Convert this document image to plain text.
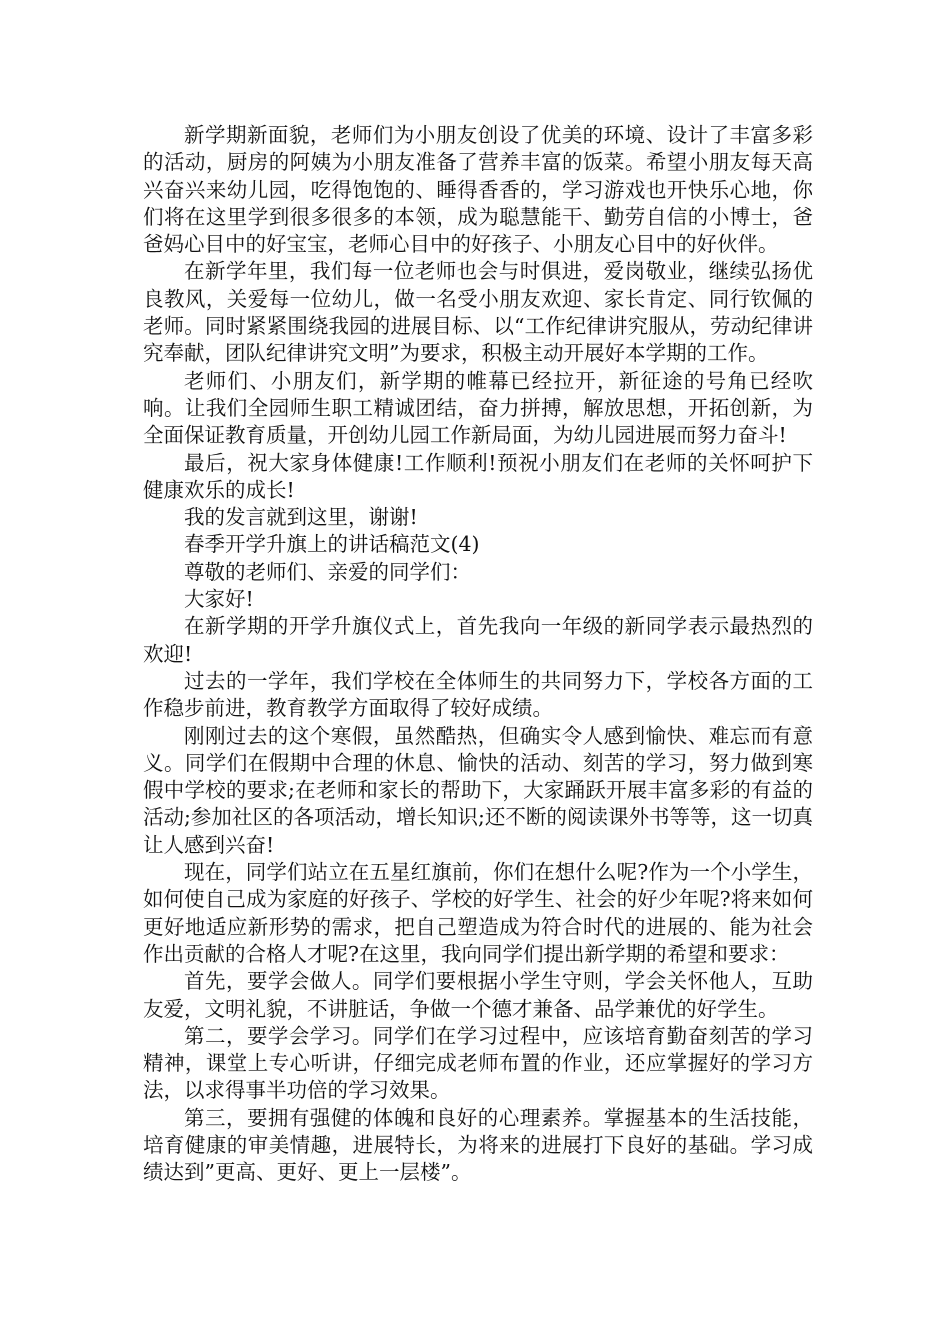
新学期新面貌，老师们为小朋友创设了优美的环境、设计了丰富多彩的活动，厨房的阿姨为小朋友准备了营养丰富的饭菜。希望小朋友每天高兴奋兴来幼儿园，吃得饱饱的、睡得香香的，学习游戏也开快乐心地，你们将在这里学到很多很多的本领，成为聪慧能干、勤劳自信的小博士，爸爸妈心目中的好宝宝，老师心目中的好孩子、小朋友心目中的好伙伴。

在新学年里，我们每一位老师也会与时俱进，爱岗敬业，继续弘扬优良教风，关爱每一位幼儿，做一名受小朋友欢迎、家长肯定、同行钦佩的老师。同时紧紧围绕我园的进展目标、以“工作纪律讲究服从，劳动纪律讲究奉献，团队纪律讲究文明”为要求，积极主动开展好本学期的工作。

老师们、小朋友们，新学期的帷幕已经拉开，新征途的号角已经吹响。让我们全园师生职工精诚团结，奋力拼搏，解放思想，开拓创新，为全面保证教育质量，开创幼儿园工作新局面，为幼儿园进展而努力奋斗!

最后，祝大家身体健康!工作顺利!预祝小朋友们在老师的关怀呵护下健康欢乐的成长!

我的发言就到这里，谢谢!

春季开学升旗上的讲话稿范文(4)

尊敬的老师们、亲爱的同学们：

大家好!

在新学期的开学升旗仪式上，首先我向一年级的新同学表示最热烈的欢迎!

过去的一学年，我们学校在全体师生的共同努力下，学校各方面的工作稳步前进，教育教学方面取得了较好成绩。

刚刚过去的这个寒假，虽然酷热，但确实令人感到愉快、难忘而有意义。同学们在假期中合理的休息、愉快的活动、刻苦的学习，努力做到寒假中学校的要求;在老师和家长的帮助下，大家踊跃开展丰富多彩的有益的活动;参加社区的各项活动，增长知识;还不断的阅读课外书等等，这一切真让人感到兴奋!

现在，同学们站立在五星红旗前，你们在想什么呢?作为一个小学生，如何使自己成为家庭的好孩子、学校的好学生、社会的好少年呢?将来如何更好地适应新形势的需求，把自己塑造成为符合时代的进展的、能为社会作出贡献的合格人才呢?在这里，我向同学们提出新学期的希望和要求：

首先，要学会做人。同学们要根据小学生守则，学会关怀他人，互助友爱，文明礼貌，不讲脏话，争做一个德才兼备、品学兼优的好学生。

第二，要学会学习。同学们在学习过程中，应该培育勤奋刻苦的学习精神，课堂上专心听讲，仔细完成老师布置的作业，还应掌握好的学习方法，以求得事半功倍的学习效果。

第三，要拥有强健的体魄和良好的心理素养。掌握基本的生活技能，培育健康的审美情趣，进展特长，为将来的进展打下良好的基础。学习成绩达到”更高、更好、更上一层楼”。
